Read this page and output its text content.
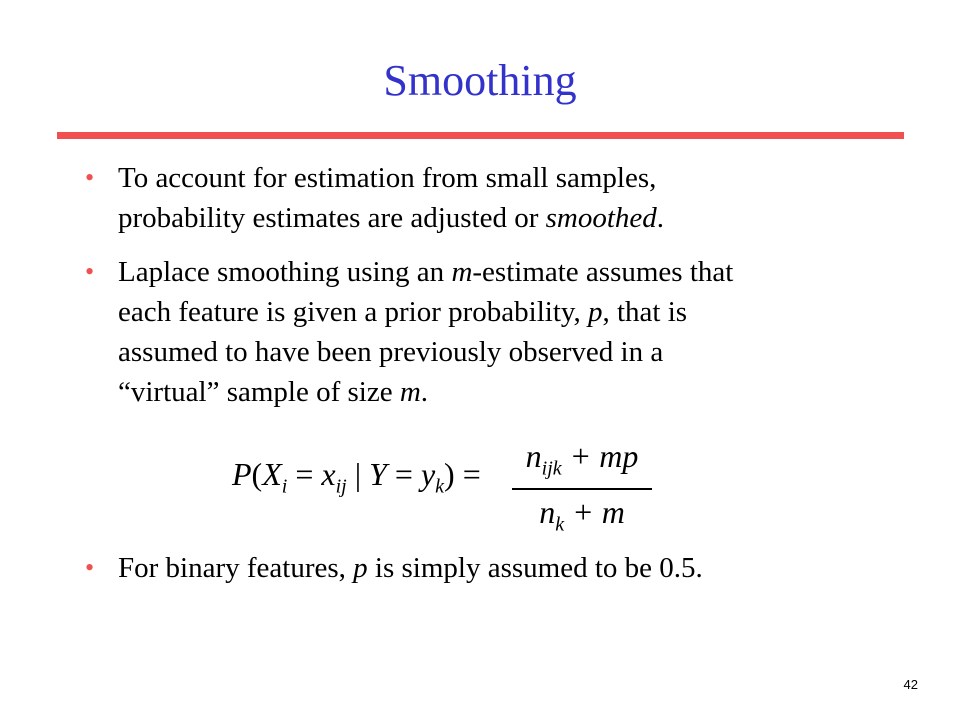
Smoothing
• To account for estimation from small samples,
probability estimates are adjusted or smoothed.
• Laplace smoothing using an m-estimate assumes that
each feature is given a prior probability, p, that is
assumed to have been previously observed in a
“virtual” sample of size m.
• For binary features, p is simply assumed to be 0.5.
$P(X_i = x_{ij}$ | $Y = y_k$) =	$n_{ijk}$ + mp
$n_k + m$
42
